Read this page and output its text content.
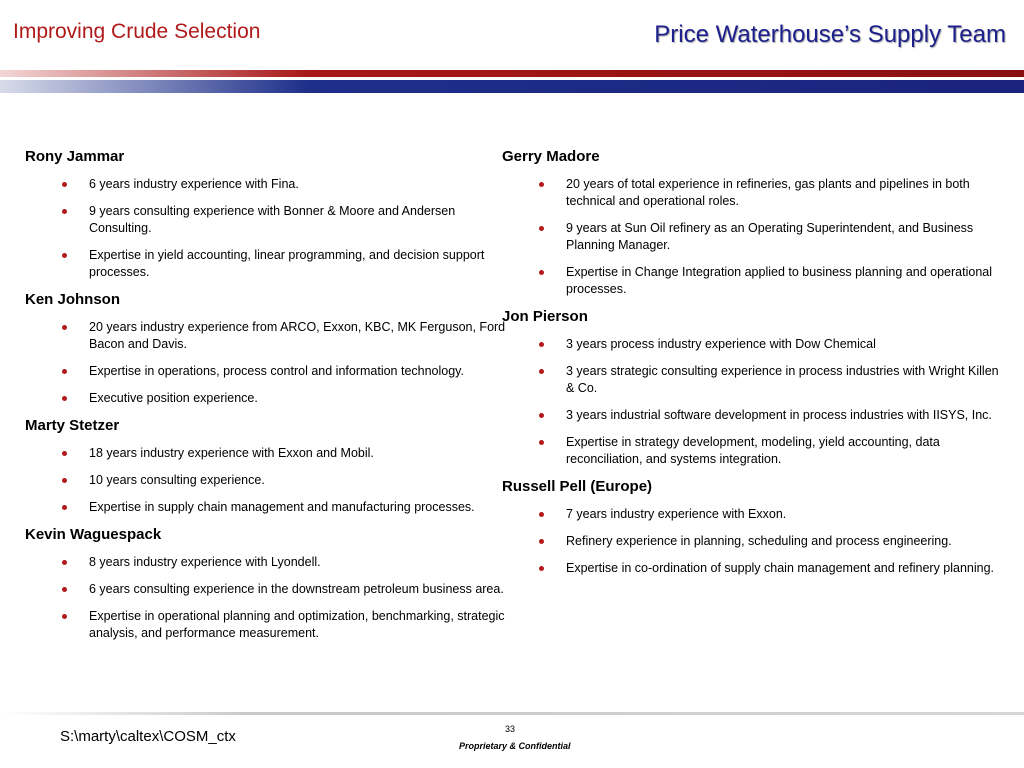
Improving Crude Selection	Price Waterhouse’s Supply Team
Rony Jammar
6 years industry experience with Fina.
9 years consulting experience with Bonner & Moore and Andersen Consulting.
Expertise in yield accounting, linear programming, and decision support processes.
Ken Johnson
20 years industry experience from ARCO, Exxon, KBC, MK Ferguson, Ford Bacon and Davis.
Expertise in operations, process control and information technology.
Executive position experience.
Marty Stetzer
18 years industry experience with Exxon and Mobil.
10 years consulting experience.
Expertise in supply chain management and manufacturing processes.
Kevin Waguespack
8 years industry experience with Lyondell.
6 years consulting experience in the downstream petroleum business area.
Expertise in operational planning and optimization, benchmarking, strategic analysis, and performance measurement.
Gerry Madore
20 years of total experience in refineries, gas plants and pipelines in both technical and operational roles.
9 years at Sun Oil refinery as an Operating Superintendent, and Business Planning Manager.
Expertise in Change Integration applied to business planning and operational processes.
Jon Pierson
3 years process industry experience with Dow Chemical
3 years strategic consulting experience in process industries with Wright Killen & Co.
3 years industrial software development in process industries with IISYS, Inc.
Expertise in strategy development, modeling, yield accounting, data reconciliation, and systems integration.
Russell Pell (Europe)
7 years industry experience with Exxon.
Refinery experience in planning, scheduling and process engineering.
Expertise in co-ordination of supply chain management and refinery planning.
33
S:\marty\caltex\COSM_ctx
Proprietary & Confidential
